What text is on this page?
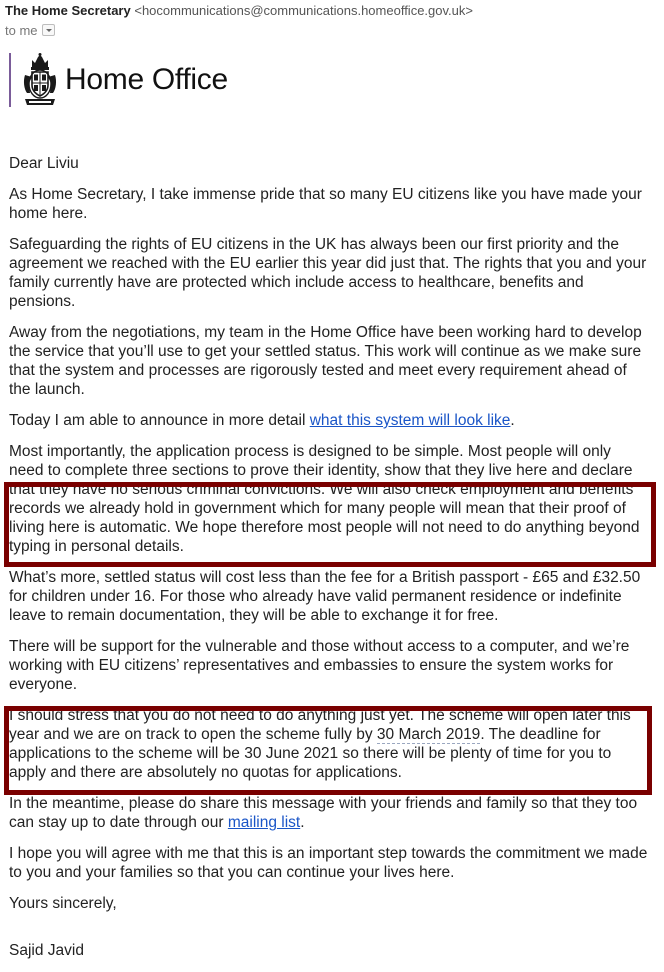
The Home Secretary <hocommunications@communications.homeoffice.gov.uk>
to me
Home Office

Dear Liviu

As Home Secretary, I take immense pride that so many EU citizens like you have made your home here.

Safeguarding the rights of EU citizens in the UK has always been our first priority and the agreement we reached with the EU earlier this year did just that. The rights that you and your family currently have are protected which include access to healthcare, benefits and pensions.

Away from the negotiations, my team in the Home Office have been working hard to develop the service that you’ll use to get your settled status. This work will continue as we make sure that the system and processes are rigorously tested and meet every requirement ahead of the launch.

Today I am able to announce in more detail what this system will look like.

Most importantly, the application process is designed to be simple. Most people will only need to complete three sections to prove their identity, show that they live here and declare that they have no serious criminal convictions. We will also check employment and benefits records we already hold in government which for many people will mean that their proof of living here is automatic. We hope therefore most people will not need to do anything beyond typing in personal details.

What’s more, settled status will cost less than the fee for a British passport - £65 and £32.50 for children under 16. For those who already have valid permanent residence or indefinite leave to remain documentation, they will be able to exchange it for free.

There will be support for the vulnerable and those without access to a computer, and we’re working with EU citizens’ representatives and embassies to ensure the system works for everyone.

I should stress that you do not need to do anything just yet. The scheme will open later this year and we are on track to open the scheme fully by 30 March 2019. The deadline for applications to the scheme will be 30 June 2021 so there will be plenty of time for you to apply and there are absolutely no quotas for applications.

In the meantime, please do share this message with your friends and family so that they too can stay up to date through our mailing list.

I hope you will agree with me that this is an important step towards the commitment we made to you and your families so that you can continue your lives here.

Yours sincerely,

Sajid Javid
